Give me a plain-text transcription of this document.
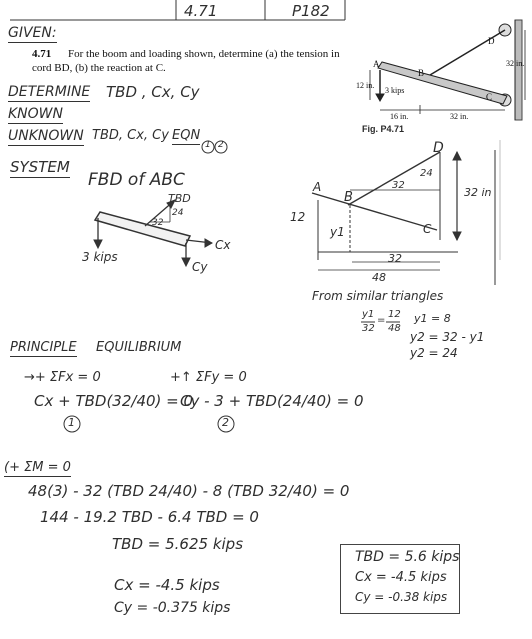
4.71	P182
GIVEN:
4.71 For the boom and loading shown, determine (a) the tension in
cord BD, (b) the reaction at C.	A
B
C
D
3 kips
12 in.
32 in.
16 in.	32 in.
Fig. P4.71
DETERMINE TBD , Cx, Cy
KNOWN
UNKNOWN TBD, Cx, Cy EQN
1 2
SYSTEM
FBD of ABC
TBD
24
32
3 kips
Cx
Cy
A
B
C
D
32
24
32 in
12
y1
32
48
From similar triangles
y1
32
=
12
48
y1 = 8
y2 = 32 - y1
y2 = 24
PRINCIPLE EQUILIBRIUM
→+ ΣFx = 0
Cx + TBD(32/40) = 0
1
+↑ ΣFy = 0
Cy - 3 + TBD(24/40) = 0
2
(+ ΣM = 0
48(3) - 32 (TBD 24/40) - 8 (TBD 32/40) = 0
144 - 19.2 TBD - 6.4 TBD = 0
TBD = 5.625 kips
Cx = -4.5 kips
Cy = -0.375 kips
TBD = 5.6 kips
Cx = -4.5 kips
Cy = -0.38 kips
